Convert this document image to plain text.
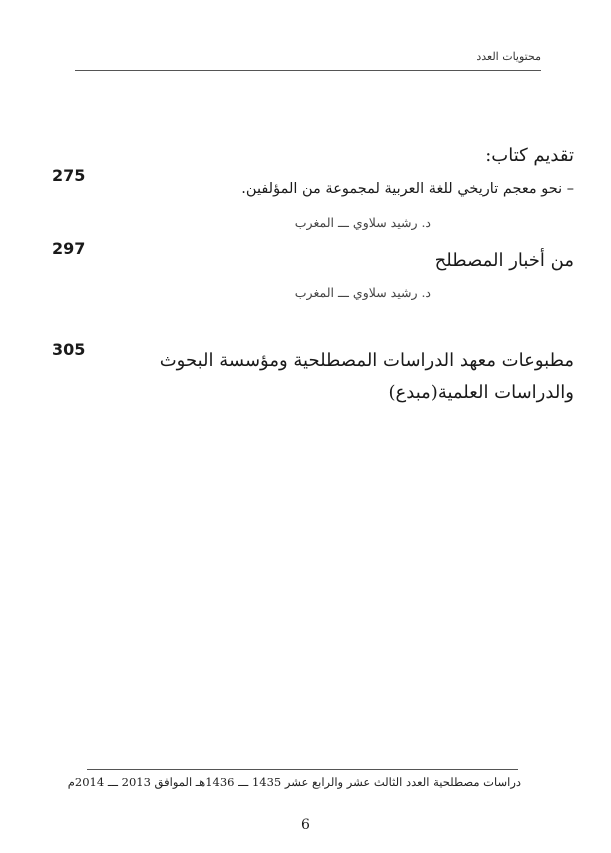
محتويات العدد
تقديم كتاب:
275
– نحو معجم تاريخي للغة العربية لمجموعة من المؤلفين.
د. رشيد سلاوي ـــ المغرب
297
من أخبار المصطلح
د. رشيد سلاوي ـــ المغرب
305
مطبوعات معهد الدراسات المصطلحية ومؤسسة البحوث والدراسات العلمية(مبدع)
دراسات مصطلحية العدد الثالث عشر والرابع عشر 1435 ـــ 1436هـ الموافق 2013 ـــ 2014م
6
